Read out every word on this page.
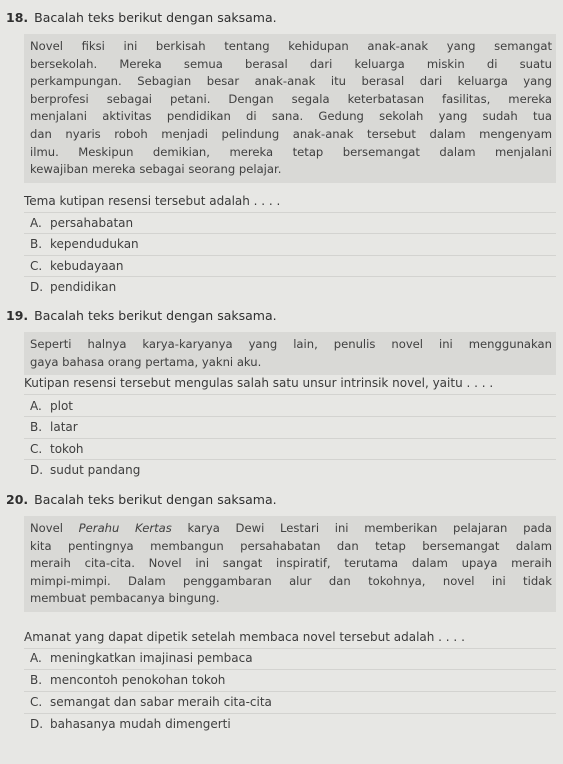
18. Bacalah teks berikut dengan saksama.
Novel fiksi ini berkisah tentang kehidupan anak-anak yang semangat
bersekolah. Mereka semua berasal dari keluarga miskin di suatu
perkampungan. Sebagian besar anak-anak itu berasal dari keluarga yang
berprofesi sebagai petani. Dengan segala keterbatasan fasilitas, mereka
menjalani aktivitas pendidikan di sana. Gedung sekolah yang sudah tua
dan nyaris roboh menjadi pelindung anak-anak tersebut dalam mengenyam
ilmu. Meskipun demikian, mereka tetap bersemangat dalam menjalani
kewajiban mereka sebagai seorang pelajar.
Tema kutipan resensi tersebut adalah . . . .
A. persahabatan
B. kependudukan
C. kebudayaan
D. pendidikan
19. Bacalah teks berikut dengan saksama.
Seperti halnya karya-karyanya yang lain, penulis novel ini menggunakan
gaya bahasa orang pertama, yakni aku.
Kutipan resensi tersebut mengulas salah satu unsur intrinsik novel, yaitu . . . .
A. plot
B. latar
C. tokoh
D. sudut pandang
20. Bacalah teks berikut dengan saksama.
Novel Perahu Kertas karya Dewi Lestari ini memberikan pelajaran pada
kita pentingnya membangun persahabatan dan tetap bersemangat dalam
meraih cita-cita. Novel ini sangat inspiratif, terutama dalam upaya meraih
mimpi-mimpi. Dalam penggambaran alur dan tokohnya, novel ini tidak
membuat pembacanya bingung.
Amanat yang dapat dipetik setelah membaca novel tersebut adalah . . . .
A. meningkatkan imajinasi pembaca
B. mencontoh penokohan tokoh
C. semangat dan sabar meraih cita-cita
D. bahasanya mudah dimengerti
